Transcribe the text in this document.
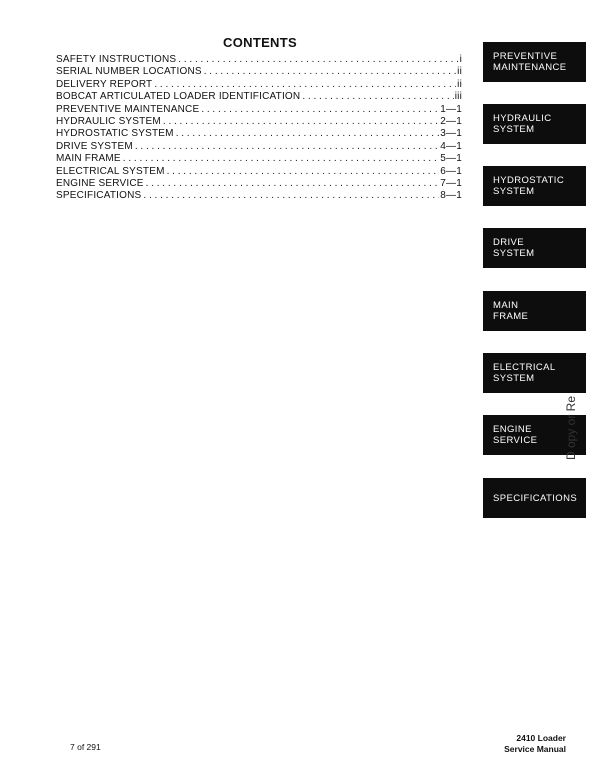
CONTENTS
SAFETY INSTRUCTIONS . . .	i
SERIAL NUMBER LOCATIONS . . .	ii
DELIVERY REPORT . . .	ii
BOBCAT ARTICULATED LOADER IDENTIFICATION . . .	iii
PREVENTIVE MAINTENANCE . . .	1—1
HYDRAULIC SYSTEM . . .	2—1
HYDROSTATIC SYSTEM . . .	3—1
DRIVE SYSTEM . . .	4—1
MAIN FRAME . . .	5—1
ELECTRICAL SYSTEM . . .	6—1
ENGINE SERVICE . . .	7—1
SPECIFICATIONS . . .	8—1
PREVENTIVE
MAINTENANCE
HYDRAULIC
SYSTEM
HYDROSTATIC
SYSTEM
DRIVE
SYSTEM
MAIN
FRAME
ELECTRICAL
SYSTEM
ENGINE
SERVICE
SPECIFICATIONS
D opy or Re

7 of 291

2410 Loader
Service Manual
